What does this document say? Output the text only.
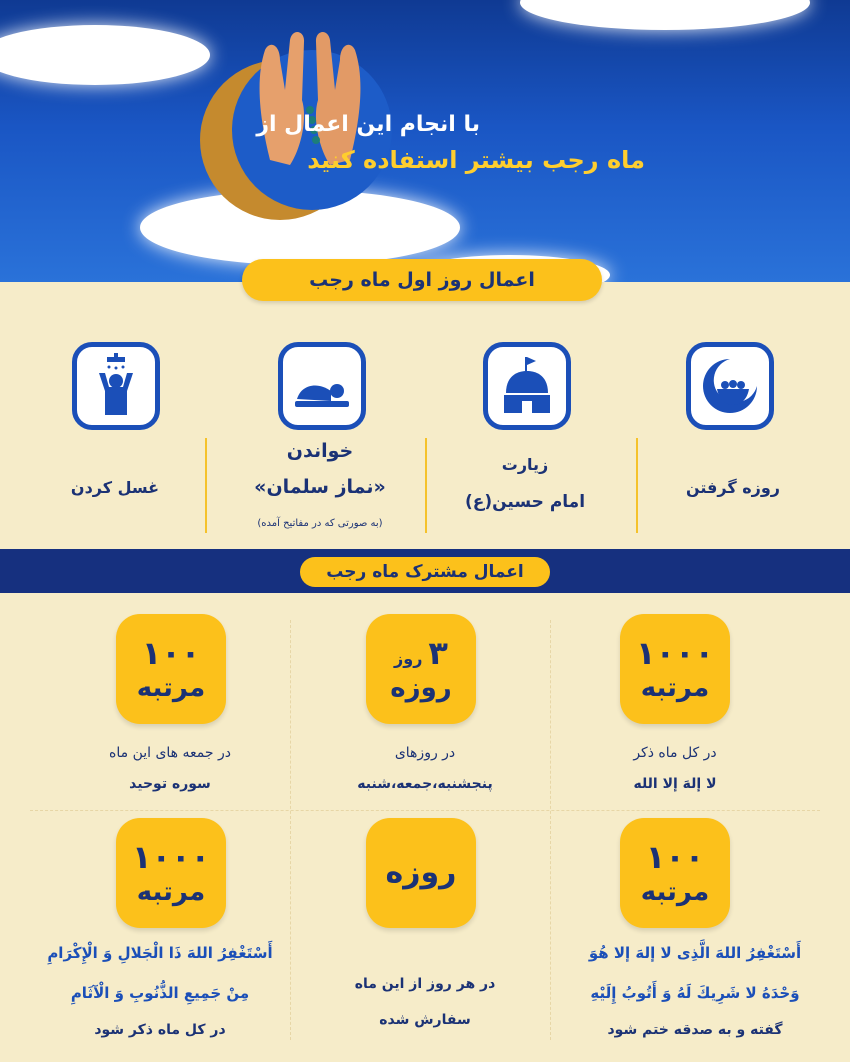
با انجام این اعمال از
ماه رجب بیشتر استفاده کنید
اعمال روز اول ماه رجب
روزه گرفتن
زیارت
امام حسین(ع)
خواندن
«نماز سلمان»
(به صورتی که در مفاتیح آمده)
غسل کردن
اعمال مشترک ماه رجب
۱۰۰۰
مرتبه
۳
روز
روزه
۱۰۰
مرتبه
در کل ماه ذکر
لا إلهَ إلا الله
در روزهای
پنجشنبه،جمعه،شنبه
در جمعه های این ماه
سوره توحید
۱۰۰
مرتبه
روزه
۱۰۰۰
مرتبه
أَسْتَغْفِرُ اللهَ الَّذِی لا إلهَ إلا هُوَ
وَحْدَهُ لا شَرِیكَ لَهُ وَ أَتُوبُ إِلَیْهِ
گفته و به صدقه ختم شود
در هر روز از این ماه
سفارش شده
أَسْتَغْفِرُ اللهَ ذَا الْجَلالِ وَ الْإِكْرَامِ
مِنْ جَمِیعِ الذُّنُوبِ وَ الْآثَامِ
در کل ماه ذکر شود
